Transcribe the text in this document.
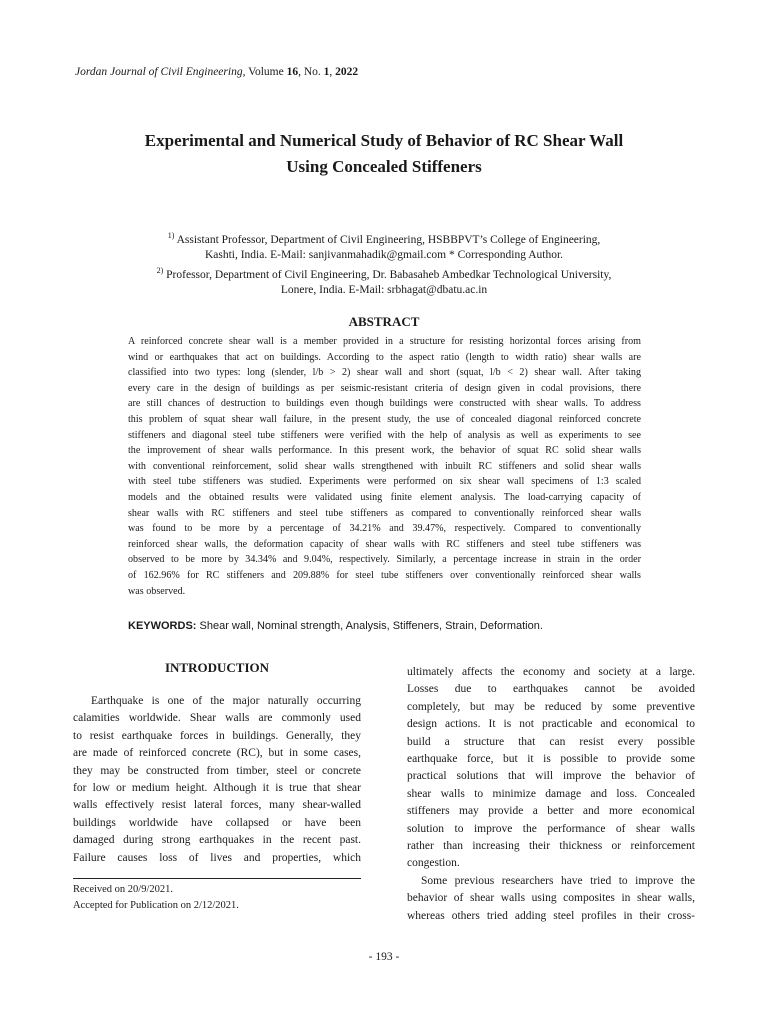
Jordan Journal of Civil Engineering, Volume 16, No. 1, 2022
Experimental and Numerical Study of Behavior of RC Shear Wall
Using Concealed Stiffeners
$^{1)}$ Assistant Professor, Department of Civil Engineering, HSBBPVT’s College of Engineering,
Kashti, India. E-Mail: sanjivanmahadik@gmail.com * Corresponding Author.
$^{2)}$ Professor, Department of Civil Engineering, Dr. Babasaheb Ambedkar Technological University,
Lonere, India. E-Mail: srbhagat@dbatu.ac.in
ABSTRACT
A reinforced concrete shear wall is a member provided in a structure for resisting horizontal forces arising from
wind or earthquakes that act on buildings. According to the aspect ratio (length to width ratio) shear walls are
classified into two types: long (slender, l/b > 2) shear wall and short (squat, l/b < 2) shear wall. After taking
every care in the design of buildings as per seismic-resistant criteria of design given in codal provisions, there
are still chances of destruction to buildings even though buildings were constructed with shear walls. To address
this problem of squat shear wall failure, in the present study, the use of concealed diagonal reinforced concrete
stiffeners and diagonal steel tube stiffeners were verified with the help of analysis as well as experiments to see
the improvement of shear walls performance. In this present work, the behavior of squat RC solid shear walls
with conventional reinforcement, solid shear walls strengthened with inbuilt RC stiffeners and solid shear walls
with steel tube stiffeners was studied. Experiments were performed on six shear wall specimens of 1:3 scaled
models and the obtained results were validated using finite element analysis. The load-carrying capacity of
shear walls with RC stiffeners and steel tube stiffeners as compared to conventionally reinforced shear walls
was found to be more by a percentage of 34.21% and 39.47%, respectively. Compared to conventionally
reinforced shear walls, the deformation capacity of shear walls with RC stiffeners and steel tube stiffeners was
observed to be more by 34.34% and 9.04%, respectively. Similarly, a percentage increase in strain in the order
of 162.96% for RC stiffeners and 209.88% for steel tube stiffeners over conventionally reinforced shear walls
was observed.
KEYWORDS: Shear wall, Nominal strength, Analysis, Stiffeners, Strain, Deformation.
INTRODUCTION
Earthquake is one of the major naturally occurring
calamities worldwide. Shear walls are commonly used
to resist earthquake forces in buildings. Generally, they
are made of reinforced concrete (RC), but in some cases,
they may be constructed from timber, steel or concrete
for low or medium height. Although it is true that shear
walls effectively resist lateral forces, many shear-walled
buildings worldwide have collapsed or have been
damaged during strong earthquakes in the recent past.
Failure causes loss of lives and properties, which
ultimately affects the economy and society at a large.
Losses due to earthquakes cannot be avoided
completely, but may be reduced by some preventive
design actions. It is not practicable and economical to
build a structure that can resist every possible
earthquake force, but it is possible to provide some
practical solutions that will improve the behavior of
shear walls to minimize damage and loss. Concealed
stiffeners may provide a better and more economical
solution to improve the performance of shear walls
rather than increasing their thickness or reinforcement
congestion.
Some previous researchers have tried to improve the
behavior of shear walls using composites in shear walls,
whereas others tried adding steel profiles in their cross-
Received on 20/9/2021.
Accepted for Publication on 2/12/2021.
- 193 -
